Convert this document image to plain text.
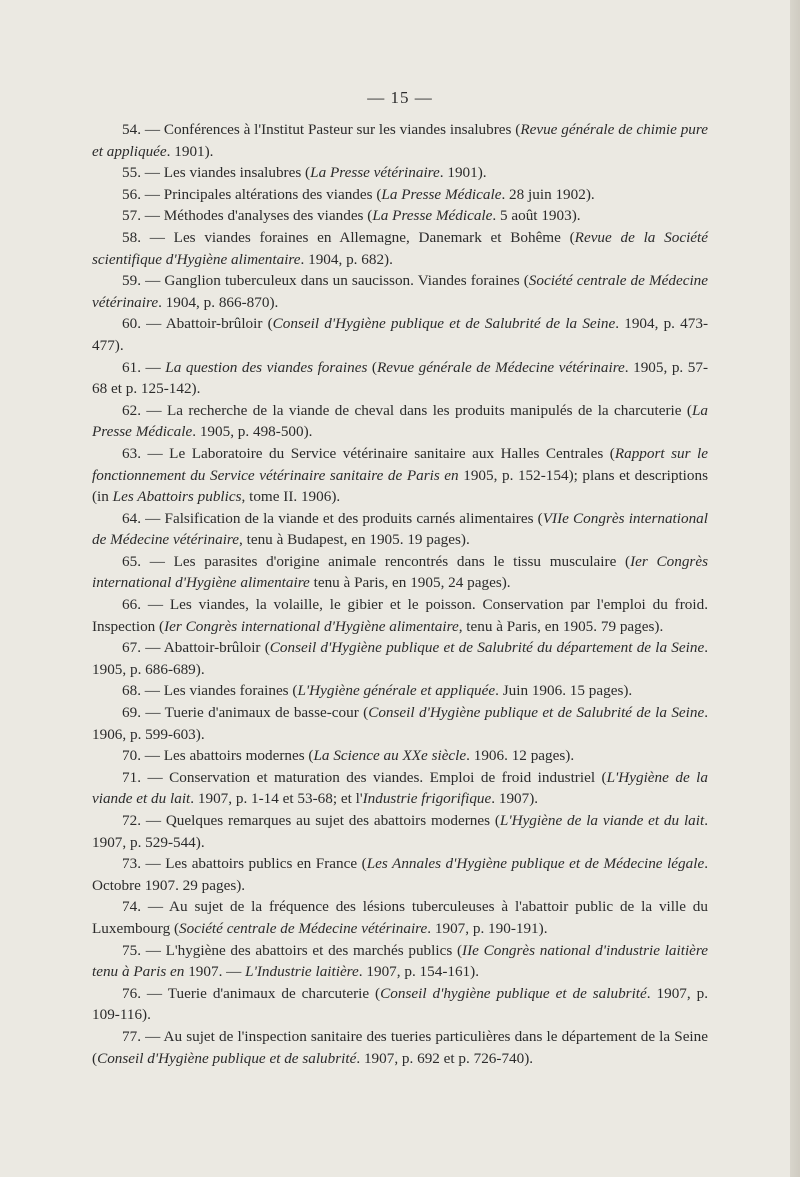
— 15 —

54. — Conférences à l'Institut Pasteur sur les viandes insalubres (Revue générale de chimie pure et appliquée. 1901).

55. — Les viandes insalubres (La Presse vétérinaire. 1901).

56. — Principales altérations des viandes (La Presse Médicale. 28 juin 1902).

57. — Méthodes d'analyses des viandes (La Presse Médicale. 5 août 1903).

58. — Les viandes foraines en Allemagne, Danemark et Bohême (Revue de la Société scientifique d'Hygiène alimentaire. 1904, p. 682).

59. — Ganglion tuberculeux dans un saucisson. Viandes foraines (Société centrale de Médecine vétérinaire. 1904, p. 866-870).

60. — Abattoir-brûloir (Conseil d'Hygiène publique et de Salubrité de la Seine. 1904, p. 473-477).

61. — La question des viandes foraines (Revue générale de Médecine vétérinaire. 1905, p. 57-68 et p. 125-142).

62. — La recherche de la viande de cheval dans les produits manipulés de la charcuterie (La Presse Médicale. 1905, p. 498-500).

63. — Le Laboratoire du Service vétérinaire sanitaire aux Halles Centrales (Rapport sur le fonctionnement du Service vétérinaire sanitaire de Paris en 1905, p. 152-154); plans et descriptions (in Les Abattoirs publics, tome II. 1906).

64. — Falsification de la viande et des produits carnés alimentaires (VIIe Congrès international de Médecine vétérinaire, tenu à Budapest, en 1905. 19 pages).

65. — Les parasites d'origine animale rencontrés dans le tissu musculaire (Ier Congrès international d'Hygiène alimentaire tenu à Paris, en 1905, 24 pages).

66. — Les viandes, la volaille, le gibier et le poisson. Conservation par l'emploi du froid. Inspection (Ier Congrès international d'Hygiène alimentaire, tenu à Paris, en 1905. 79 pages).

67. — Abattoir-brûloir (Conseil d'Hygiène publique et de Salubrité du département de la Seine. 1905, p. 686-689).

68. — Les viandes foraines (L'Hygiène générale et appliquée. Juin 1906. 15 pages).

69. — Tuerie d'animaux de basse-cour (Conseil d'Hygiène publique et de Salubrité de la Seine. 1906, p. 599-603).

70. — Les abattoirs modernes (La Science au XXe siècle. 1906. 12 pages).

71. — Conservation et maturation des viandes. Emploi de froid industriel (L'Hygiène de la viande et du lait. 1907, p. 1-14 et 53-68; et l'Industrie frigorifique. 1907).

72. — Quelques remarques au sujet des abattoirs modernes (L'Hygiène de la viande et du lait. 1907, p. 529-544).

73. — Les abattoirs publics en France (Les Annales d'Hygiène publique et de Médecine légale. Octobre 1907. 29 pages).

74. — Au sujet de la fréquence des lésions tuberculeuses à l'abattoir public de la ville du Luxembourg (Société centrale de Médecine vétérinaire. 1907, p. 190-191).

75. — L'hygiène des abattoirs et des marchés publics (IIe Congrès national d'industrie laitière tenu à Paris en 1907. — L'Industrie laitière. 1907, p. 154-161).

76. — Tuerie d'animaux de charcuterie (Conseil d'hygiène publique et de salubrité. 1907, p. 109-116).

77. — Au sujet de l'inspection sanitaire des tueries particulières dans le département de la Seine (Conseil d'Hygiène publique et de salubrité. 1907, p. 692 et p. 726-740).
